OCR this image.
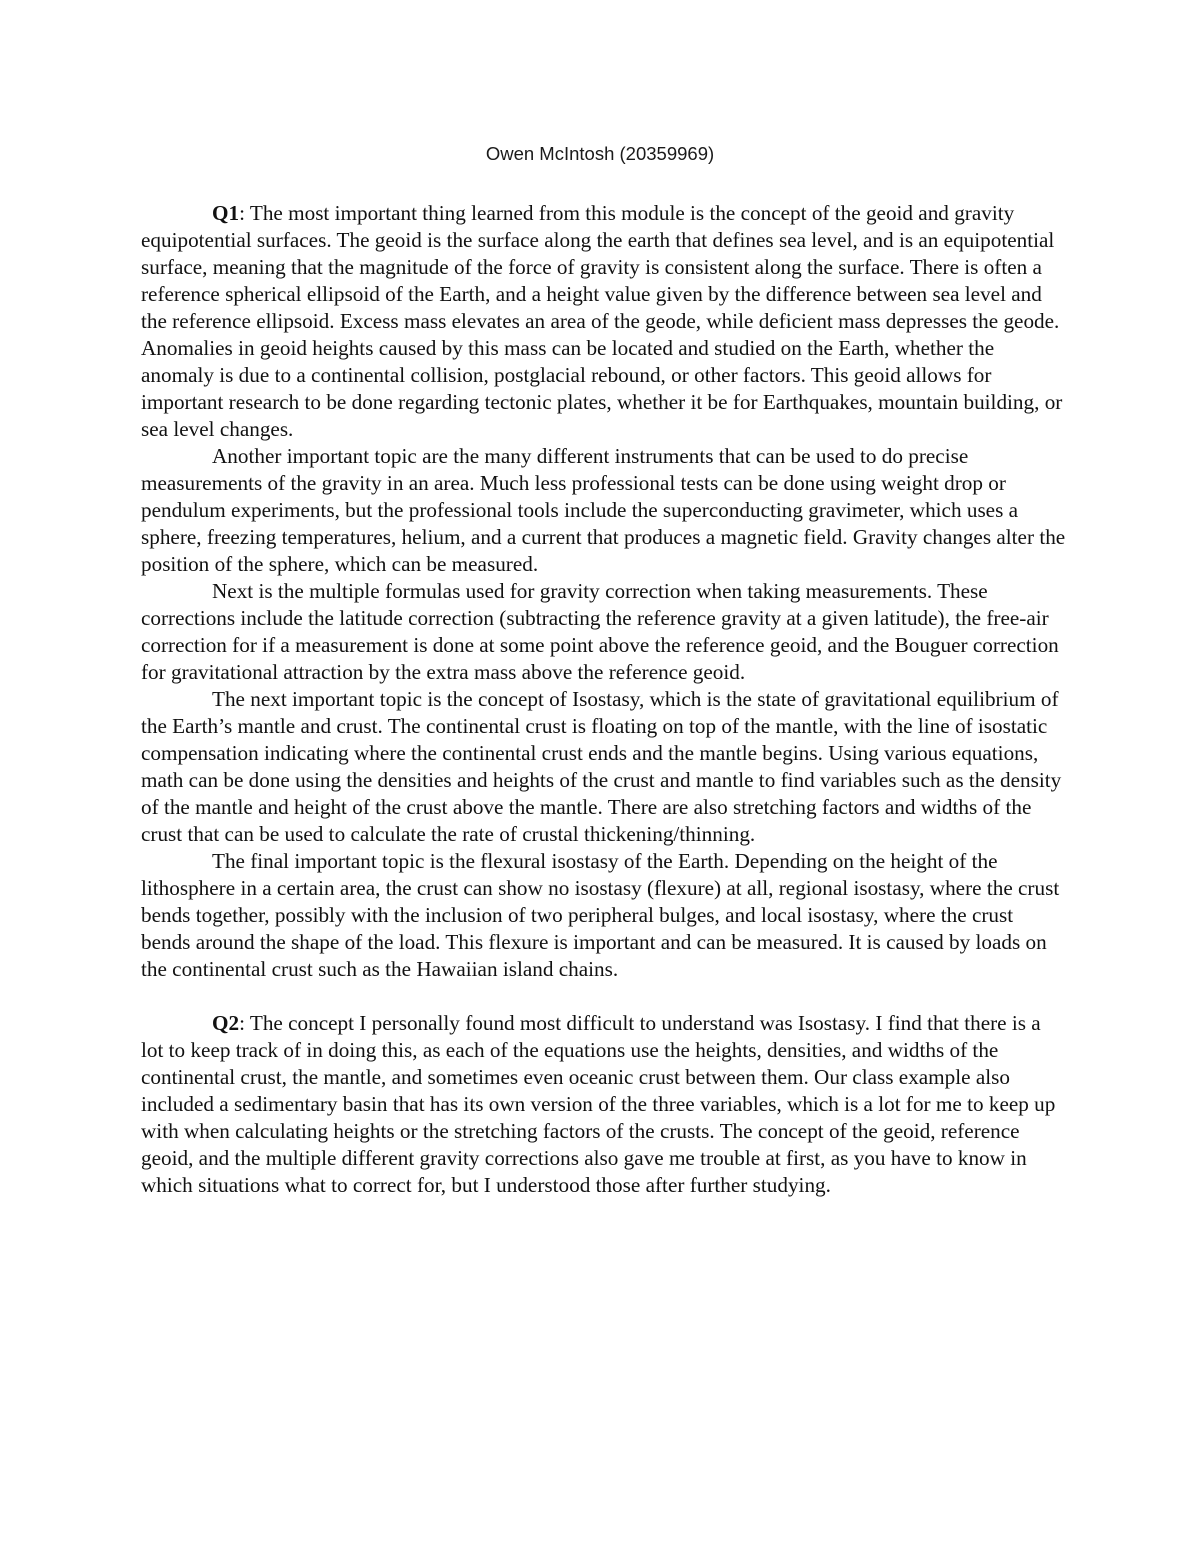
Owen McIntosh (20359969)

Q1: The most important thing learned from this module is the concept of the geoid and gravity equipotential surfaces. The geoid is the surface along the earth that defines sea level, and is an equipotential surface, meaning that the magnitude of the force of gravity is consistent along the surface. There is often a reference spherical ellipsoid of the Earth, and a height value given by the difference between sea level and the reference ellipsoid. Excess mass elevates an area of the geode, while deficient mass depresses the geode. Anomalies in geoid heights caused by this mass can be located and studied on the Earth, whether the anomaly is due to a continental collision, postglacial rebound, or other factors. This geoid allows for important research to be done regarding tectonic plates, whether it be for Earthquakes, mountain building, or sea level changes.

Another important topic are the many different instruments that can be used to do precise measurements of the gravity in an area. Much less professional tests can be done using weight drop or pendulum experiments, but the professional tools include the superconducting gravimeter, which uses a sphere, freezing temperatures, helium, and a current that produces a magnetic field. Gravity changes alter the position of the sphere, which can be measured.

Next is the multiple formulas used for gravity correction when taking measurements. These corrections include the latitude correction (subtracting the reference gravity at a given latitude), the free-air correction for if a measurement is done at some point above the reference geoid, and the Bouguer correction for gravitational attraction by the extra mass above the reference geoid.

The next important topic is the concept of Isostasy, which is the state of gravitational equilibrium of the Earth’s mantle and crust. The continental crust is floating on top of the mantle, with the line of isostatic compensation indicating where the continental crust ends and the mantle begins. Using various equations, math can be done using the densities and heights of the crust and mantle to find variables such as the density of the mantle and height of the crust above the mantle. There are also stretching factors and widths of the crust that can be used to calculate the rate of crustal thickening/thinning.

The final important topic is the flexural isostasy of the Earth. Depending on the height of the lithosphere in a certain area, the crust can show no isostasy (flexure) at all, regional isostasy, where the crust bends together, possibly with the inclusion of two peripheral bulges, and local isostasy, where the crust bends around the shape of the load. This flexure is important and can be measured. It is caused by loads on the continental crust such as the Hawaiian island chains.

Q2: The concept I personally found most difficult to understand was Isostasy. I find that there is a lot to keep track of in doing this, as each of the equations use the heights, densities, and widths of the continental crust, the mantle, and sometimes even oceanic crust between them. Our class example also included a sedimentary basin that has its own version of the three variables, which is a lot for me to keep up with when calculating heights or the stretching factors of the crusts. The concept of the geoid, reference geoid, and the multiple different gravity corrections also gave me trouble at first, as you have to know in which situations what to correct for, but I understood those after further studying.
